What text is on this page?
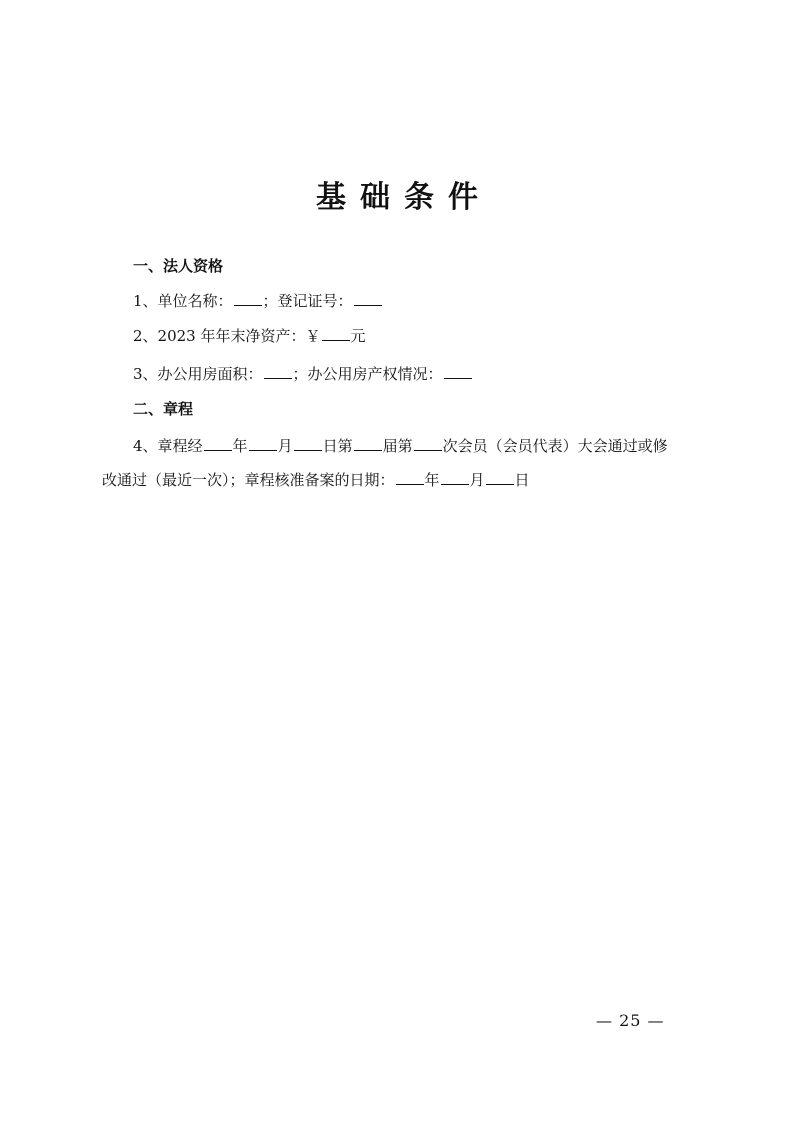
基础条件
一、法人资格
1、单位名称： ；登记证号：
2、2023 年年末净资产：￥ 元
3、办公用房面积： ；办公用房产权情况：
二、章程
4、章程经 年 月 日第 届第 次会员（会员代表）大会通过或修
改通过（最近一次）；章程核准备案的日期： 年 月 日
— 25 —
